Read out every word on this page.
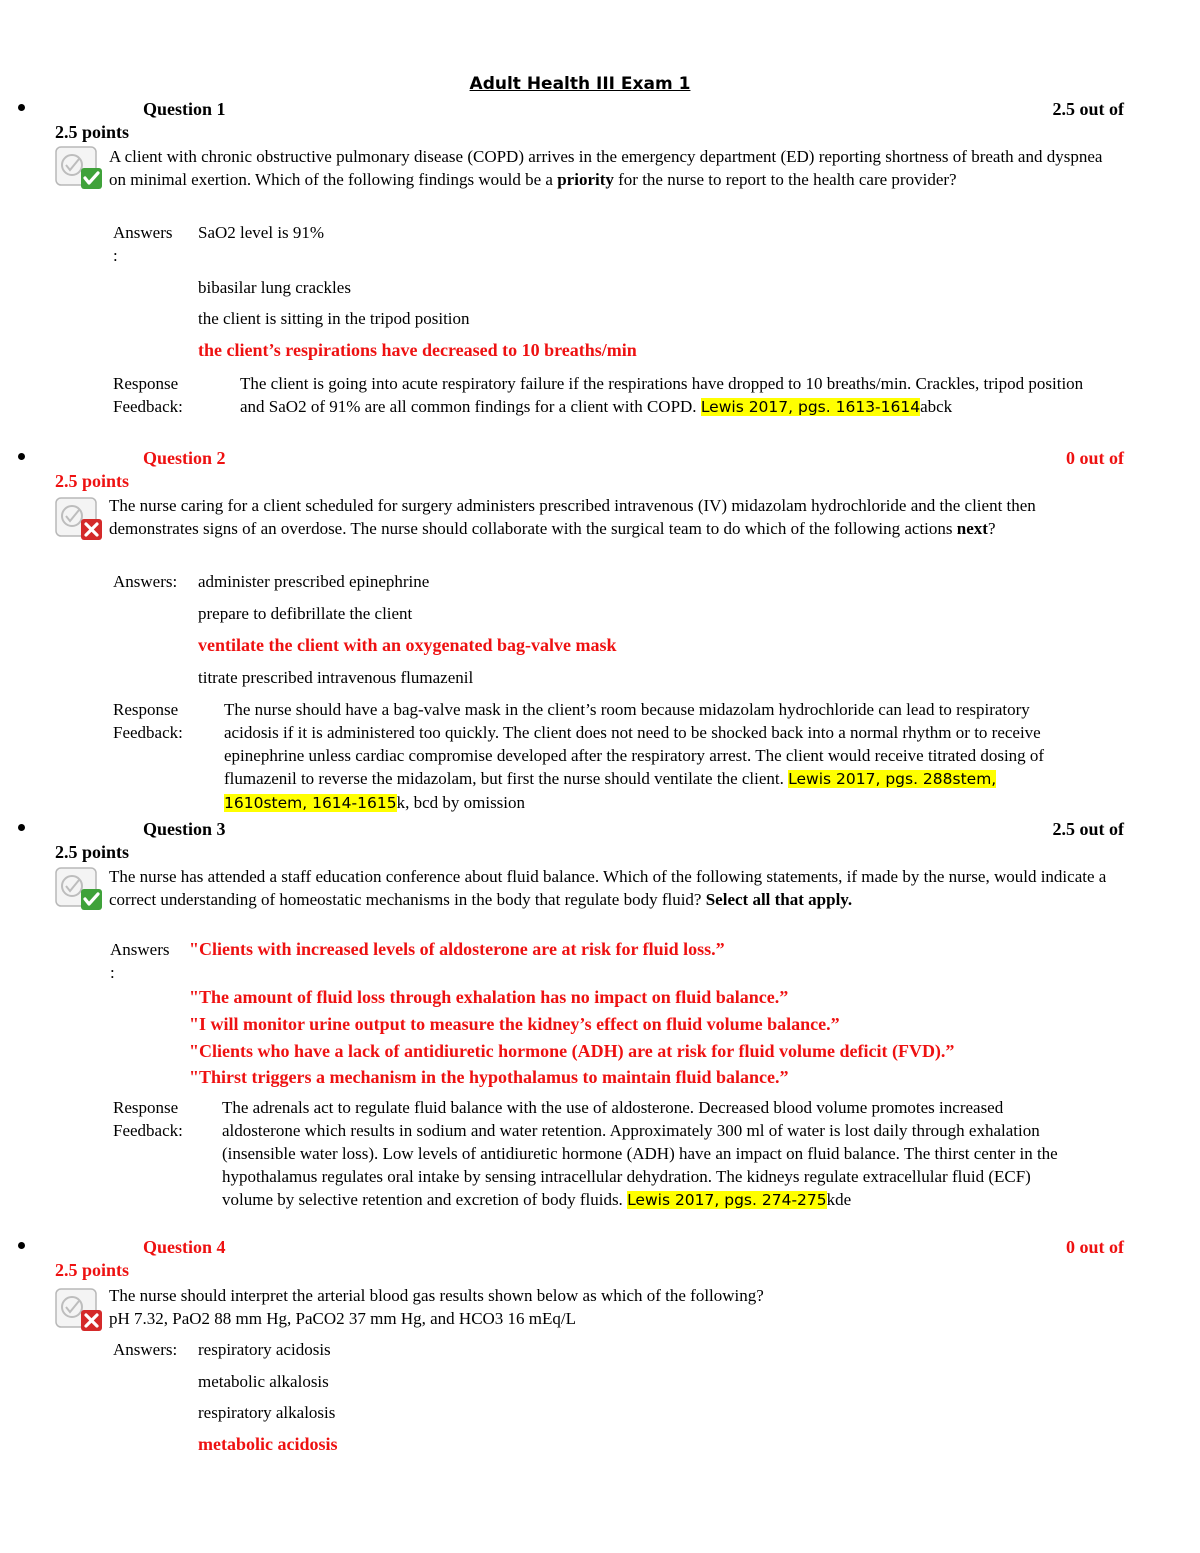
Adult Health III Exam 1
Question 1	2.5 out of
2.5 points
A client with chronic obstructive pulmonary disease (COPD) arrives in the emergency department (ED) reporting shortness of breath and dyspnea on minimal exertion. Which of the following findings would be a priority for the nurse to report to the health care provider?
Answers
:
SaO2 level is 91%
bibasilar lung crackles
the client is sitting in the tripod position
the client’s respirations have decreased to 10 breaths/min
Response
Feedback:
The client is going into acute respiratory failure if the respirations have dropped to 10 breaths/min. Crackles, tripod position and SaO2 of 91% are all common findings for a client with COPD. Lewis 2017, pgs. 1613-1614abck
Question 2	0 out of
2.5 points
The nurse caring for a client scheduled for surgery administers prescribed intravenous (IV) midazolam hydrochloride and the client then demonstrates signs of an overdose. The nurse should collaborate with the surgical team to do which of the following actions next?
Answers: administer prescribed epinephrine
prepare to defibrillate the client
ventilate the client with an oxygenated bag-valve mask
titrate prescribed intravenous flumazenil
Response
Feedback:
The nurse should have a bag-valve mask in the client’s room because midazolam hydrochloride can lead to respiratory acidosis if it is administered too quickly. The client does not need to be shocked back into a normal rhythm or to receive epinephrine unless cardiac compromise developed after the respiratory arrest. The client would receive titrated dosing of flumazenil to reverse the midazolam, but first the nurse should ventilate the client. Lewis 2017, pgs. 288stem, 1610stem, 1614-1615k, bcd by omission
Question 3	2.5 out of
2.5 points
The nurse has attended a staff education conference about fluid balance. Which of the following statements, if made by the nurse, would indicate a correct understanding of homeostatic mechanisms in the body that regulate body fluid? Select all that apply.
Answers
:
"Clients with increased levels of aldosterone are at risk for fluid loss.”
"The amount of fluid loss through exhalation has no impact on fluid balance.”
"I will monitor urine output to measure the kidney’s effect on fluid volume balance.”
"Clients who have a lack of antidiuretic hormone (ADH) are at risk for fluid volume deficit (FVD).”
"Thirst triggers a mechanism in the hypothalamus to maintain fluid balance.”
Response
Feedback:
The adrenals act to regulate fluid balance with the use of aldosterone. Decreased blood volume promotes increased aldosterone which results in sodium and water retention. Approximately 300 ml of water is lost daily through exhalation (insensible water loss). Low levels of antidiuretic hormone (ADH) have an impact on fluid balance. The thirst center in the hypothalamus regulates oral intake by sensing intracellular dehydration. The kidneys regulate extracellular fluid (ECF) volume by selective retention and excretion of body fluids. Lewis 2017, pgs. 274-275kde
Question 4	0 out of
2.5 points
The nurse should interpret the arterial blood gas results shown below as which of the following?
pH 7.32, PaO2 88 mm Hg, PaCO2 37 mm Hg, and HCO3 16 mEq/L
Answers: respiratory acidosis
metabolic alkalosis
respiratory alkalosis
metabolic acidosis
